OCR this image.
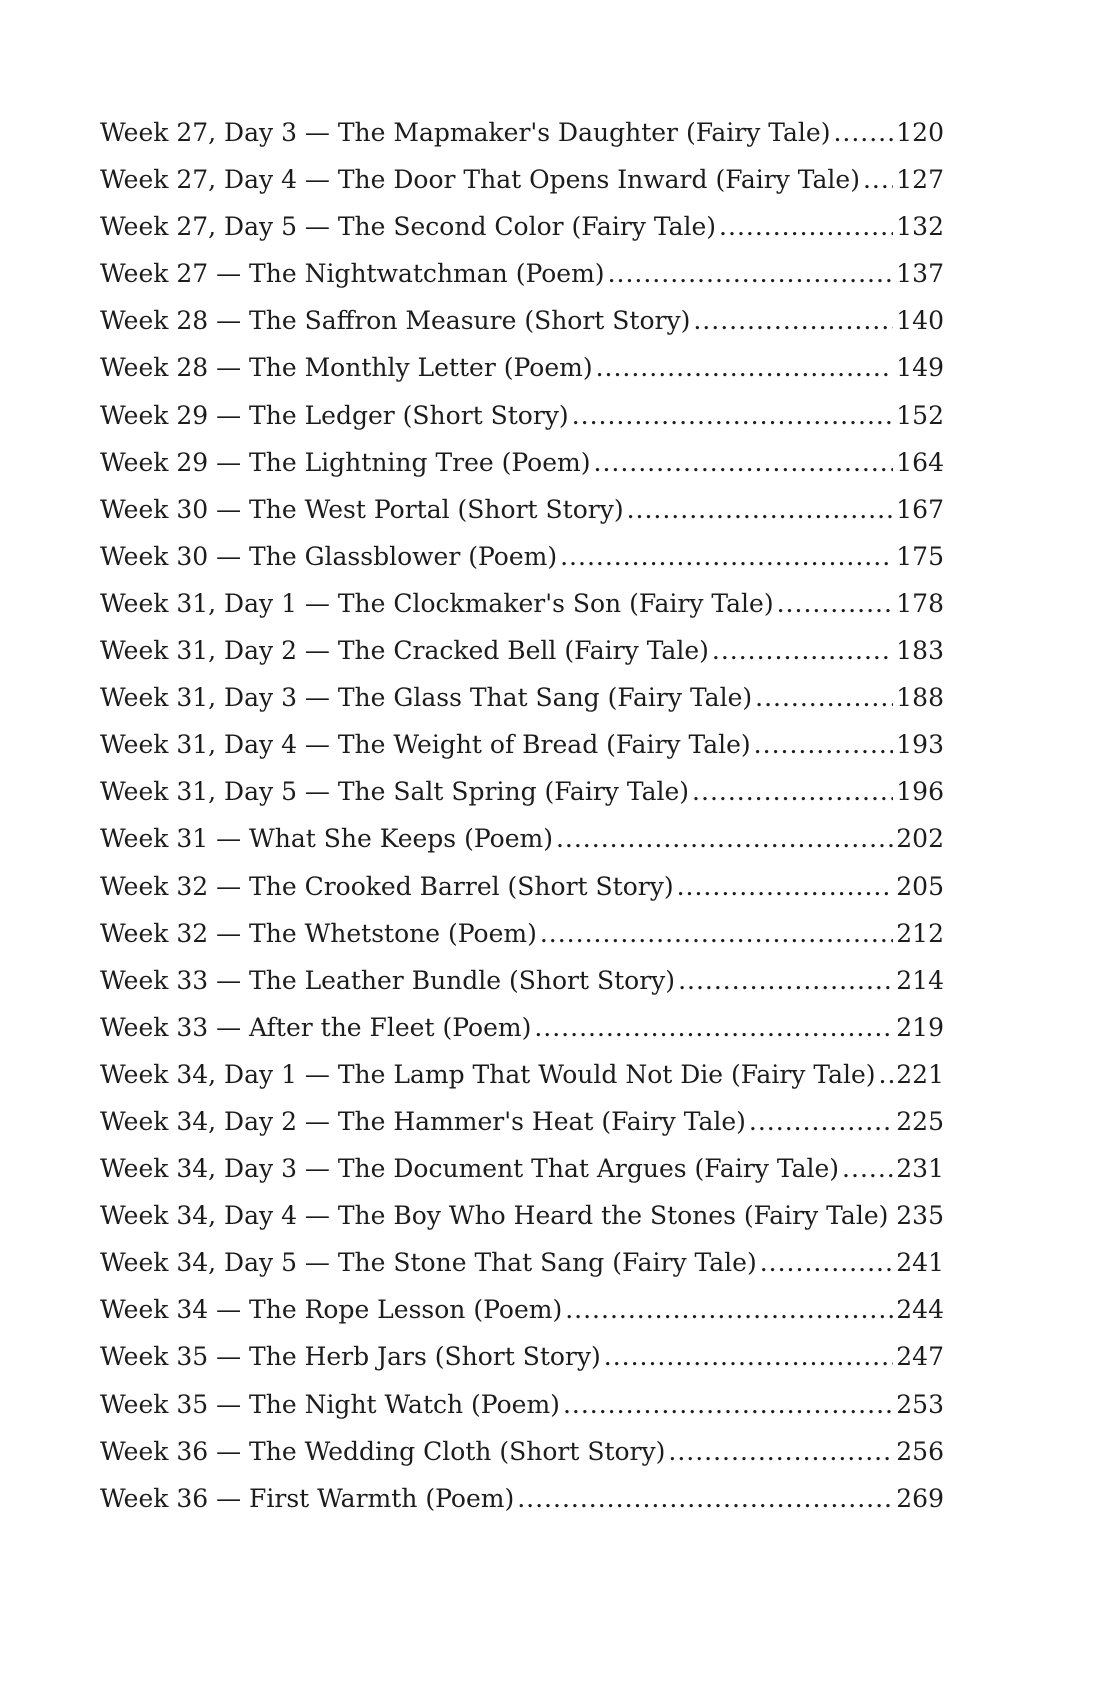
Week 27, Day 3 — The Mapmaker's Daughter (Fairy Tale) .....	120
Week 27, Day 4 — The Door That Opens Inward (Fairy Tale) ..... 127
Week 27, Day 5 — The Second Color (Fairy Tale) .....	132
Week 27 — The Nightwatchman (Poem) .....	137
Week 28 — The Saffron Measure (Short Story) .....	140
Week 28 — The Monthly Letter (Poem) .....	149
Week 29 — The Ledger (Short Story) .....	152
Week 29 — The Lightning Tree (Poem) .....	164
Week 30 — The West Portal (Short Story) .....	167
Week 30 — The Glassblower (Poem) .....	175
Week 31, Day 1 — The Clockmaker's Son (Fairy Tale) .....	178
Week 31, Day 2 — The Cracked Bell (Fairy Tale) .....	183
Week 31, Day 3 — The Glass That Sang (Fairy Tale) .....	188
Week 31, Day 4 — The Weight of Bread (Fairy Tale) .....	193
Week 31, Day 5 — The Salt Spring (Fairy Tale) .....	196
Week 31 — What She Keeps (Poem) .....	202
Week 32 — The Crooked Barrel (Short Story) .....	205
Week 32 — The Whetstone (Poem) .....	212
Week 33 — The Leather Bundle (Short Story) .....	214
Week 33 — After the Fleet (Poem) .....	219
Week 34, Day 1 — The Lamp That Would Not Die (Fairy Tale) ..... 221
Week 34, Day 2 — The Hammer's Heat (Fairy Tale) .....	225
Week 34, Day 3 — The Document That Argues (Fairy Tale) ..... 231
Week 34, Day 4 — The Boy Who Heard the Stones (Fairy Tale) ..... 235
Week 34, Day 5 — The Stone That Sang (Fairy Tale) .....	241
Week 34 — The Rope Lesson (Poem) .....	244
Week 35 — The Herb Jars (Short Story) .....	247
Week 35 — The Night Watch (Poem) .....	253
Week 36 — The Wedding Cloth (Short Story) .....	256
Week 36 — First Warmth (Poem) .....	269
